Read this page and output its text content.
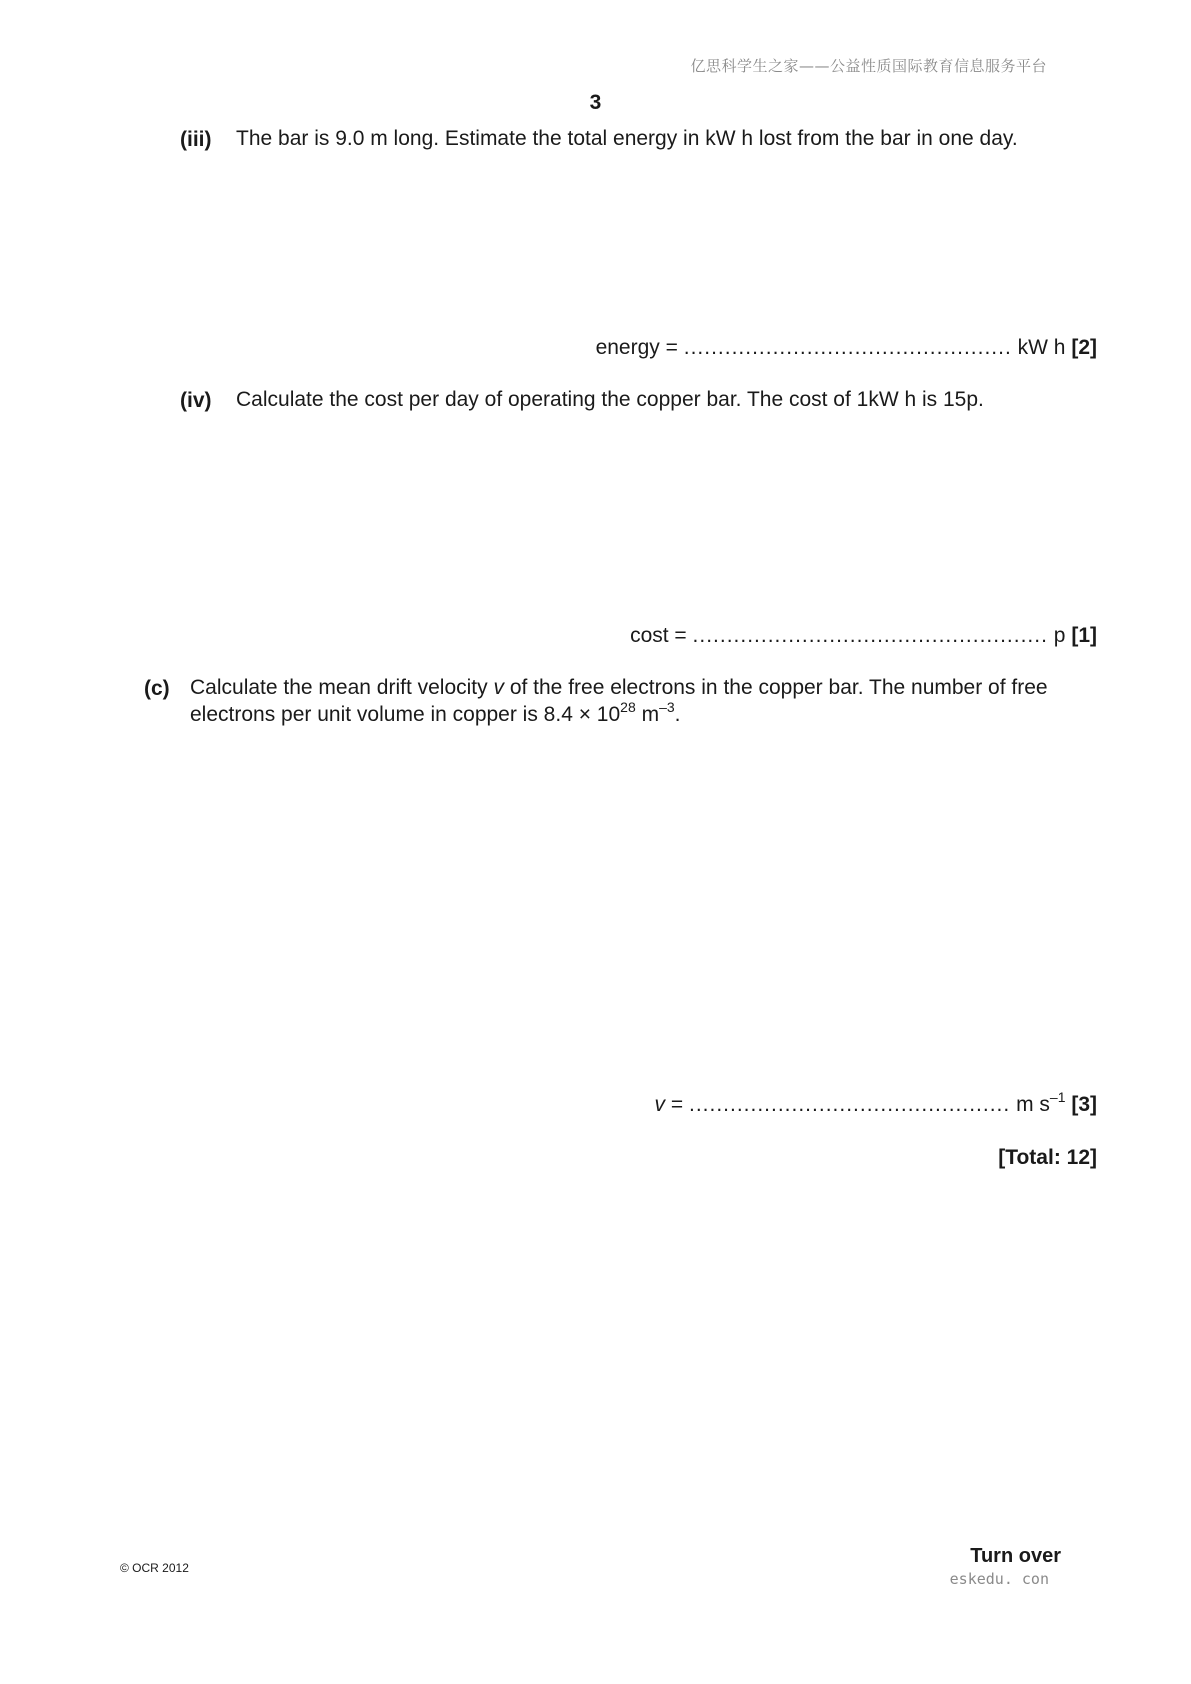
亿思科学生之家——公益性质国际教育信息服务平台
3
(iii) The bar is 9.0 m long. Estimate the total energy in kW h lost from the bar in one day.
energy = ................................................ kW h [2]
(iv) Calculate the cost per day of operating the copper bar. The cost of 1kW h is 15p.
cost = .................................................... p [1]
(c) Calculate the mean drift velocity v of the free electrons in the copper bar. The number of free
electrons per unit volume in copper is $8.4 \times 10^{28}$ $m^{-3}$.
v = ............................................... m $s^{-1}$ [3]
[Total: 12]
© OCR 2012
Turn over
eskedu. con
